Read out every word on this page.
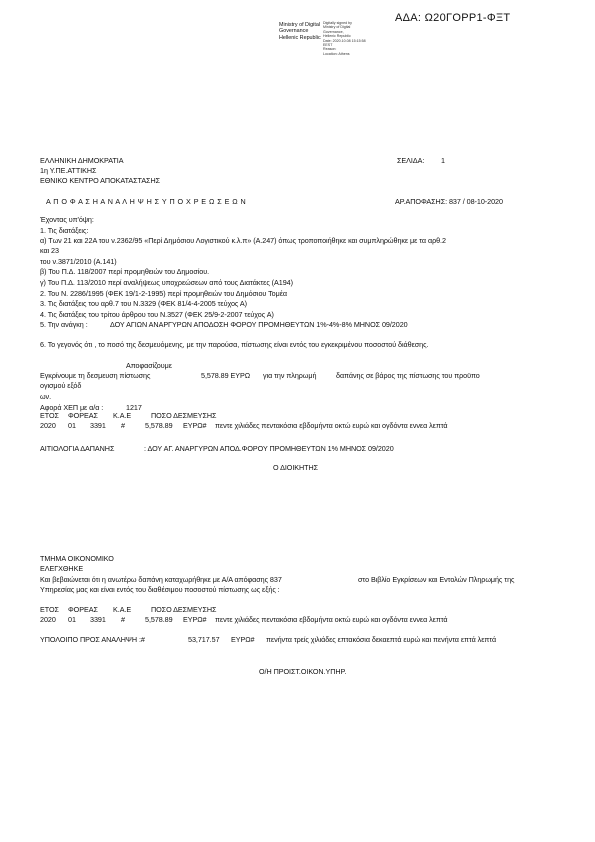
ΑΔΑ: Ω20ΓΟΡΡ1-ΦΞΤ
Ministry of Digital
Governance
Hellenic Republic
Digitally signed by
Ministry of Digital
Governance,
Hellenic Republic
Date: 2020.10.08 15:15:58
EEST
Reason:
Location: Athens
ΕΛΛΗΝΙΚΗ ΔΗΜΟΚΡΑΤΙΑ
1η Υ.ΠΕ.ΑΤΤΙΚΗΣ
ΕΘΝΙΚΟ ΚΕΝΤΡΟ ΑΠΟΚΑΤΑΣΤΑΣΗΣ
ΣΕΛΙΔΑ: 1
Α Π Ο Φ Α Σ Η Α Ν Α Λ Η Ψ Η Σ Υ Π Ο Χ Ρ Ε Ω Σ Ε Ω Ν	ΑΡ.ΑΠΟΦΑΣΗΣ: 837 / 08-10-2020
Έχοντας υπ'όψη:
1. Τις διατάξεις:
α) Των 21 και 22Α του ν.2362/95 «Περί Δημόσιου Λογιστικού κ.λ.π» (Α.247) όπως τροποποιήθηκε και συμπληρώθηκε με τα αρθ.2
και 23
του ν.3871/2010 (Α.141)
β) Του Π.Δ. 118/2007 περί προμηθειών του Δημοσίου.
γ) Του Π.Δ. 113/2010 περί αναλήψεως υποχρεώσεων από τους Διατάκτες (Α194)
2. Του Ν. 2286/1995 (ΦΕΚ 19/1-2-1995) περί προμηθειών του Δημόσιου Τομέα
3. Τις διατάξεις του αρθ.7 του Ν.3329 (ΦΕΚ 81/4-4-2005 τεύχος Α)
4. Τις διατάξεις του τρίτου άρθρου του Ν.3527 (ΦΕΚ 25/9-2-2007 τεύχος Α)
5. Την ανάγκη :	ΔΟΥ ΑΓΙΩΝ ΑΝΑΡΓΥΡΩΝ ΑΠΟΔΟΣΗ ΦΟΡΟΥ ΠΡΟΜΗΘΕΥΤΩΝ 1%-4%-8% ΜΗΝΟΣ 09/2020
6. Το γεγονός ότι , το ποσό της δεσμευόμενης, με την παρούσα, πίστωσης είναι εντός του εγκεκριμένου ποσοστού διάθεσης.
Αποφασίζουμε
Εγκρίνουμε τη δεσμευση πίστωσης	5,578.89 ΕΥΡΩ για την πληρωμή	δαπάνης σε βάρος της πίστωσης του προϋπο
ογισμού εξόδ
ων.
Αφορά ΧΕΠ με α/α :	1217
ΕΤΟΣ ΦΟΡΕΑΣ Κ.Α.Ε	ΠΟΣΟ ΔΕΣΜΕΥΣΗΣ
2020 01 3391 #	5,578.89 ΕΥΡΩ# πεντε χιλιάδες πεντακόσια εβδομήντα οκτώ ευρώ και ογδόντα εννεα λεπτά
ΑΙΤΙΟΛΟΓΙΑ ΔΑΠΑΝΗΣ	: ΔΟΥ ΑΓ. ΑΝΑΡΓΥΡΩΝ ΑΠΟΔ.ΦΟΡΟΥ ΠΡΟΜΗΘΕΥΤΩΝ 1% ΜΗΝΟΣ 09/2020
Ο ΔΙΟΙΚΗΤΗΣ
ΤΜΗΜΑ ΟΙΚΟΝΟΜΙΚΟ
ΕΛΕΓΧΘΗΚΕ
Και βεβαιώνεται ότι η ανωτέρω δαπάνη καταχωρήθηκε με Α/Α απόφασης 837	στο Βιβλίο Εγκρίσεων και Εντολών Πληρωμής της
Υπηρεσίας μας και είναι εντός του διαθέσιμου ποσοστού πίστωσης ως εξής :
ΕΤΟΣ ΦΟΡΕΑΣ Κ.Α.Ε	ΠΟΣΟ ΔΕΣΜΕΥΣΗΣ
2020 01 3391 #	5,578.89 ΕΥΡΩ# πεντε χιλιάδες πεντακόσια εβδομήντα οκτώ ευρώ και ογδόντα εννεα λεπτά
ΥΠΟΛΟΙΠΟ ΠΡΟΣ ΑΝΑΛΗΨΗ :#	53,717.57 ΕΥΡΩ# πενήντα τρείς χιλιάδες επτακόσια δεκαεπτά ευρώ και πενήντα επτά λεπτά
Ο/Η ΠΡΟΙΣΤ.ΟΙΚΟΝ.ΥΠΗΡ.
